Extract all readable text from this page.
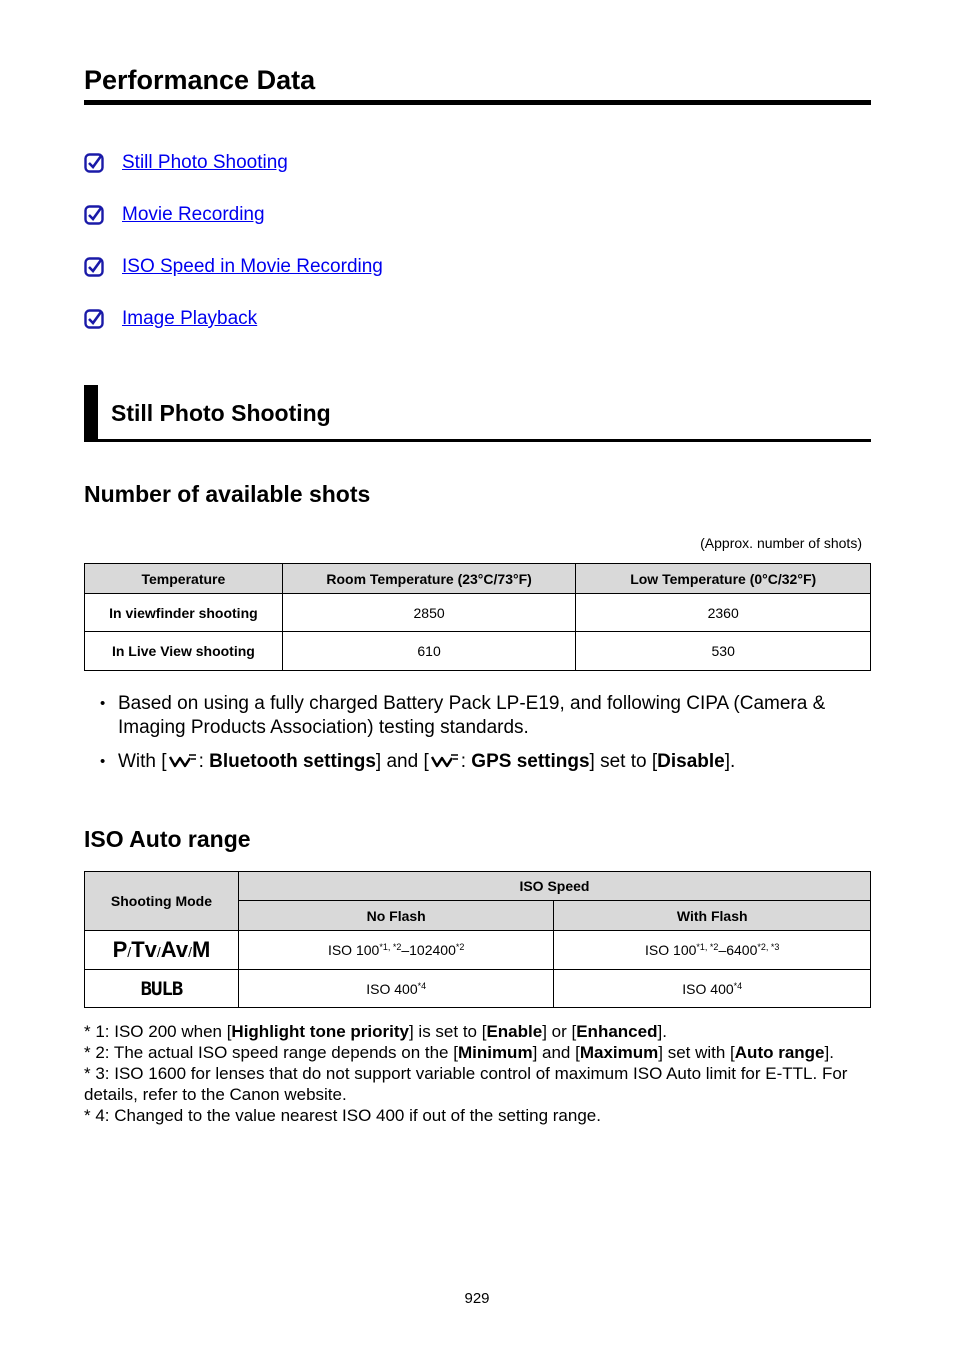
Performance Data
Still Photo Shooting
Movie Recording
ISO Speed in Movie Recording
Image Playback
Still Photo Shooting
Number of available shots
(Approx. number of shots)
Temperature	Room Temperature (23°C/73°F)	Low Temperature (0°C/32°F)
In viewfinder shooting	2850	2360
In Live View shooting	610	530
• Based on using a fully charged Battery Pack LP-E19, and following CIPA (Camera & Imaging Products Association) testing standards.
• With [ : Bluetooth settings] and [ : GPS settings] set to [Disable].
ISO Auto range
Shooting Mode	ISO Speed	
	No Flash	With Flash
P/Tv/Av/M	ISO $100^{*1, *2}-102400^{*2}$	ISO $100^{*1, *2}-6400^{*2, *3}$
BULB	ISO 400$^{*4}$	ISO 400$^{*4}$

* 1: ISO 200 when [Highlight tone priority] is set to [Enable] or [Enhanced].

* 2: The actual ISO speed range depends on the [Minimum] and [Maximum] set with [Auto range].

* 3: ISO 1600 for lenses that do not support variable control of maximum ISO Auto limit for E-TTL. For details, refer to the Canon website.

* 4: Changed to the value nearest ISO 400 if out of the setting range.

929
